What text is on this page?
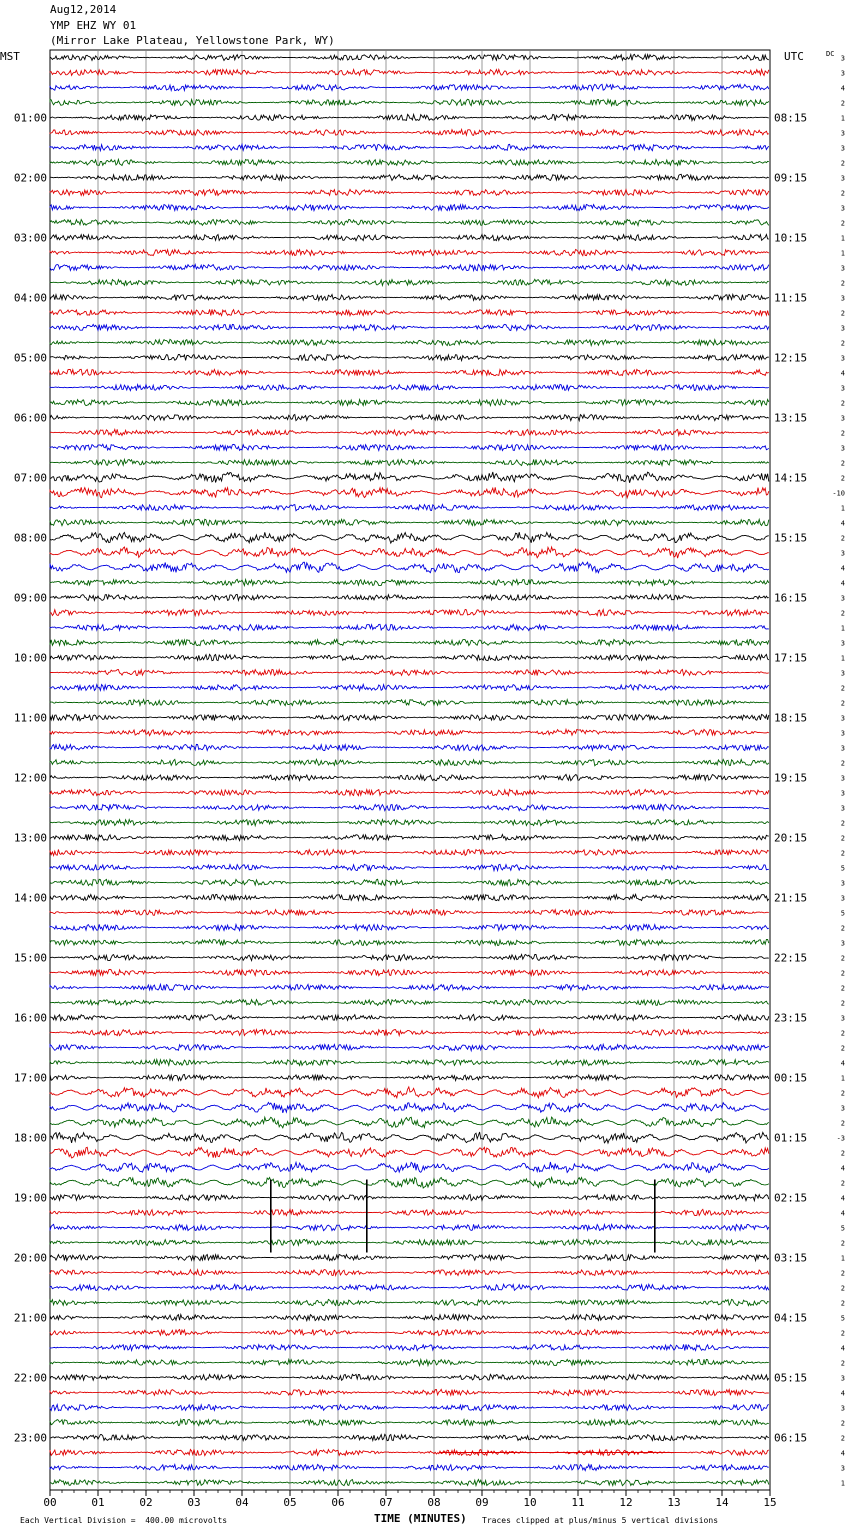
Aug12,2014
YMP EHZ WY 01
(Mirror Lake Plateau, Yellowstone Park, WY)
MST	UTC	DC
3
3
4
2
01:00	08:15	1
3
3
2
02:00	09:15	3
2
3
2
03:00	10:15	1
1
3
2
04:00	11:15	3
2
3
2
05:00	12:15	3
4
3
2
06:00	13:15	3
2
3
2
07:00	14:15	2
-10
1
4
08:00	15:15	2
3
4
4
09:00	16:15	3
2
1
3
10:00	17:15	1
3
2
2
11:00	18:15	3
3
3
2
12:00	19:15	3
3
3
2
13:00	20:15	2
2
5
3
14:00	21:15	3
5
2
3
15:00	22:15	2
2
2
2
16:00	23:15	3
2
2
4
17:00	00:15	1
2
3
2
18:00	01:15	-3
2
4
2
19:00	02:15	4
4
5
2
20:00	03:15	1
2
2
2
21:00	04:15	5
2
4
2
22:00	05:15	3
4
3
2
23:00	06:15	2
4
3
1
00	01	02	03	04	05	06	07	08	09	10	11	12	13	14	15
TIME (MINUTES)
Each Vertical Division =  400.00 microvolts	Traces clipped at plus/minus 5 vertical divisions
